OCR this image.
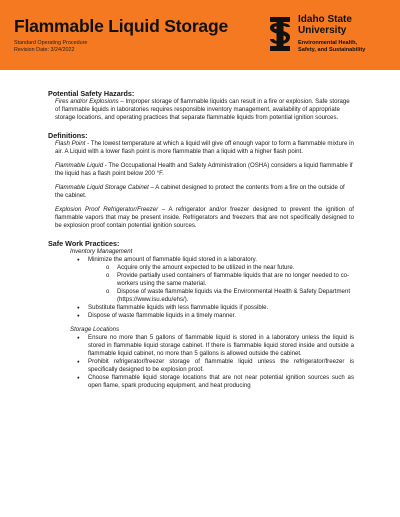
Flammable Liquid Storage
Standard Operating Procedure
Revision Date: 3/24/2022
Idaho State
University
Environmental Health,
Safety, and Sustainability
Potential Safety Hazards:
Fires and/or Explosions – Improper storage of flammable liquids can result in a fire or explosion. Safe storage of flammable liquids in laboratories requires responsible inventory management, availability of appropriate storage locations, and operating practices that separate flammable liquids from potential ignition sources.
Definitions:
Flash Point - The lowest temperature at which a liquid will give off enough vapor to form a flammable mixture in air. A Liquid with a lower flash point is more flammable than a liquid with a higher flash point.
Flammable Liquid - The Occupational Health and Safety Administration (OSHA) considers a liquid flammable if the liquid has a flash point below 200 °F.
Flammable Liquid Storage Cabinet – A cabinet designed to protect the contents from a fire on the outside of the cabinet.
Explosion Proof Refrigerator/Freezer – A refrigerator and/or freezer designed to prevent the ignition of flammable vapors that may be present inside. Refrigerators and freezers that are not specifically designed to be explosion proof contain potential ignition sources.
Safe Work Practices:
Inventory Management
● Minimize the amount of flammable liquid stored in a laboratory.
o Acquire only the amount expected to be utilized in the near future.
o Provide partially used containers of flammable liquids that are no longer needed to co-workers using the same material.
o Dispose of waste flammable liquids via the Environmental Health & Safety Department (https://www.isu.edu/ehs/).
● Substitute flammable liquids with less flammable liquids if possible.
● Dispose of waste flammable liquids in a timely manner.
Storage Locations
● Ensure no more than 5 gallons of flammable liquid is stored in a laboratory unless the liquid is stored in flammable liquid storage cabinet. If there is flammable liquid stored inside and outside a flammable liquid cabinet, no more than 5 gallons is allowed outside the cabinet.
● Prohibit refrigerator/freezer storage of flammable liquid unless the refrigerator/freezer is specifically designed to be explosion proof.
● Choose flammable liquid storage locations that are not near potential ignition sources such as open flame, spark producing equipment, and heat producing
